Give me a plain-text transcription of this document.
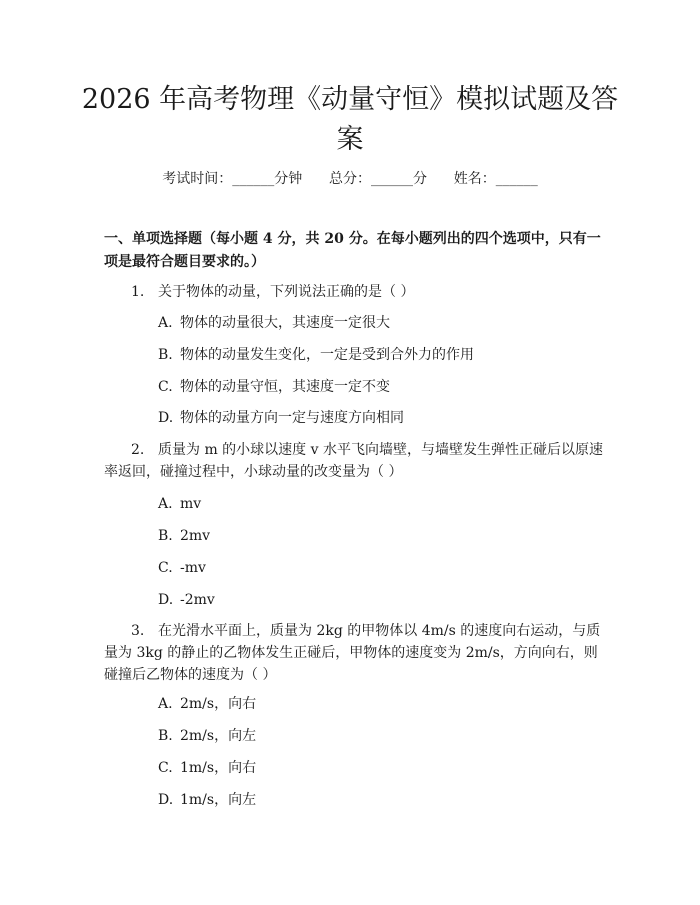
2026 年高考物理《动量守恒》模拟试题及答案
考试时间：______分钟      总分：______分      姓名：______
一、单项选择题（每小题 4 分，共 20 分。在每小题列出的四个选项中，只有一项是最符合题目要求的。）
1. 关于物体的动量，下列说法正确的是（ ）
A. 物体的动量很大，其速度一定很大
B. 物体的动量发生变化，一定是受到合外力的作用
C. 物体的动量守恒，其速度一定不变
D. 物体的动量方向一定与速度方向相同
2. 质量为 m 的小球以速度 v 水平飞向墙壁，与墙壁发生弹性正碰后以原速率返回，碰撞过程中，小球动量的改变量为（ ）
A. mv
B. 2mv
C. -mv
D. -2mv
3. 在光滑水平面上，质量为 2kg 的甲物体以 4m/s 的速度向右运动，与质量为 3kg 的静止的乙物体发生正碰后，甲物体的速度变为 2m/s，方向向右，则碰撞后乙物体的速度为（ ）
A. 2m/s，向右
B. 2m/s，向左
C. 1m/s，向右
D. 1m/s，向左
